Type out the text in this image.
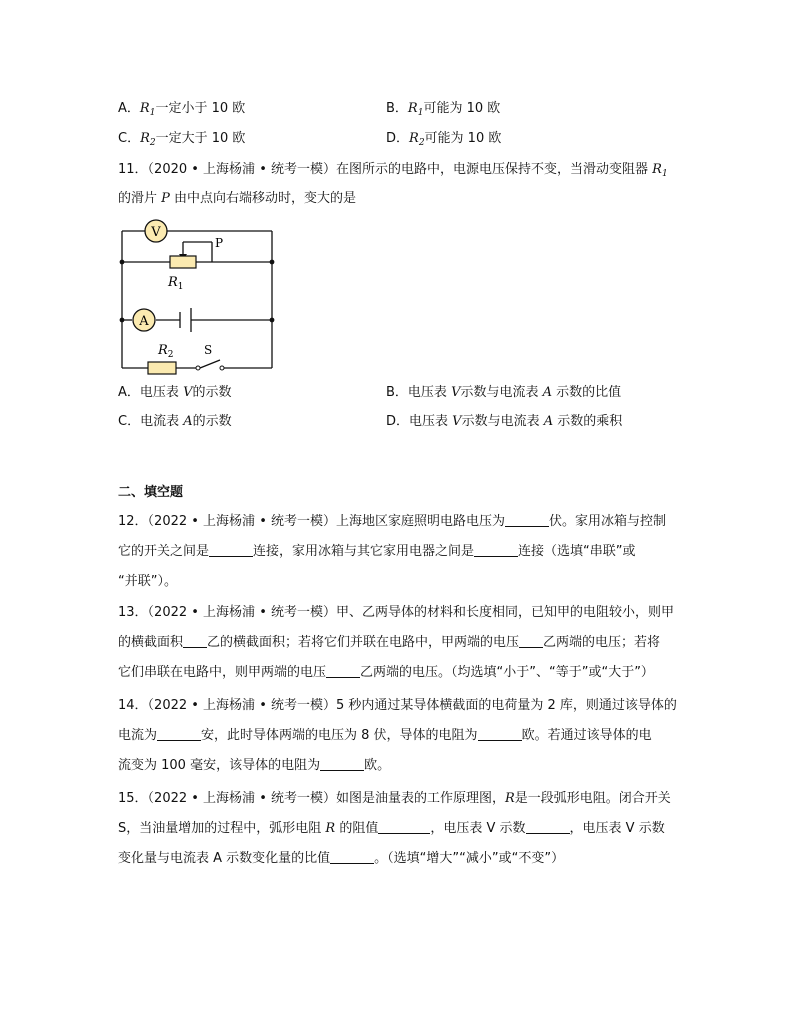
A．$R_1$一定小于 10 欧	B．$R_1$可能为 10 欧
C．$R_2$一定大于 10 欧	D．$R_2$可能为 10 欧
11．（2020 • 上海杨浦 • 统考一模）在图所示的电路中，电源电压保持不变，当滑动变阻器 $R_1$
的滑片 P 由中点向右端移动时，变大的是
V
A
P
$R_1$
$R_2$	S
A．电压表 V的示数	B．电压表 V示数与电流表 A 示数的比值
C．电流表 A的示数	D．电压表 V示数与电流表 A 示数的乘积
二、填空题
12．（2022 • 上海杨浦 • 统考一模）上海地区家庭照明电路电压为	伏。家用冰箱与控制
它的开关之间是	连接，家用冰箱与其它家用电器之间是	连接（选填“串联”或
“并联”）。
13．（2022 • 上海杨浦 • 统考一模）甲、乙两导体的材料和长度相同，已知甲的电阻较小，则甲
的横截面积 乙的横截面积；若将它们并联在电路中，甲两端的电压 乙两端的电压；若将
它们串联在电路中，则甲两端的电压	乙两端的电压。（均选填“小于”、“等于”或“大于”）
14．（2022 • 上海杨浦 • 统考一模）5 秒内通过某导体横截面的电荷量为 2 库，则通过该导体的
电流为	安，此时导体两端的电压为 8 伏，导体的电阻为	欧。若通过该导体的电
流变为 100 毫安，该导体的电阻为	欧。
15．（2022 • 上海杨浦 • 统考一模）如图是油量表的工作原理图，R是一段弧形电阻。闭合开关
S，当油量增加的过程中，弧形电阻 R 的阻值	，电压表 V 示数	，电压表 V 示数
变化量与电流表 A 示数变化量的比值	。（选填“增大”“减小”或“不变”）
